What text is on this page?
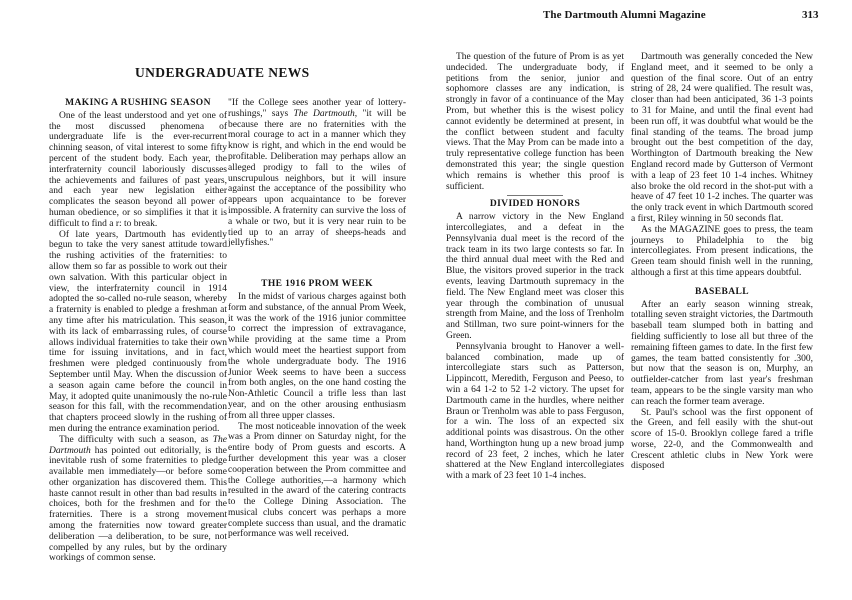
The Dartmouth Alumni Magazine	313
UNDERGRADUATE NEWS
MAKING A RUSHING SEASON

One of the least understood and yet one of the most discussed phenomena of undergraduate life is the ever-recurrent chinning season, of vital interest to some fifty percent of the student body. Each year, the interfraternity council laboriously discusses the achievements and failures of past years, and each year new legislation either complicates the season beyond all power of human obedience, or so simplifies it that it is difficult to find a r: to break.

Of late years, Dartmouth has evidently begun to take the very sanest attitude toward the rushing activities of the fraternities: to allow them so far as possible to work out their own salvation. With this particular object in view, the interfraternity council in 1914 adopted the so-called no-rule season, whereby a fraternity is enabled to pledge a freshman at any time after his matriculation. This season, with its lack of embarrassing rules, of course allows individual fraternities to take their own time for issuing invitations, and in fact, freshmen were pledged continuously from September until May. When the discussion of a season again came before the council in May, it adopted quite unanimously the no-rule season for this fall, with the recommendation that chapters proceed slowly in the rushing of men during the entrance examination period.

The difficulty with such a season, as The Dartmouth has pointed out editorially, is the inevitable rush of some fraternities to pledge available men immediately—or before some other organization has discovered them. This haste cannot result in other than bad results in choices, both for the freshmen and for the fraternities. There is a strong movement among the fraternities now toward greater deliberation —a deliberation, to be sure, not compelled by any rules, but by the ordinary workings of common sense.

"If the College sees another year of lottery-rushings," says The Dartmouth, "it will be because there are no fraternities with the moral courage to act in a manner which they know is right, and which in the end would be profitable. Deliberation may perhaps allow an alleged prodigy to fall to the wiles of unscrupulous neighbors, but it will insure against the acceptance of the possibility who appears upon acquaintance to be forever impossible. A fraternity can survive the loss of a whale or two, but it is very near ruin to be tied up to an array of sheeps-heads and jellyfishes."

THE 1916 PROM WEEK

In the midst of various charges against both form and substance, of the annual Prom Week, it was the work of the 1916 junior committee to correct the impression of extravagance, while providing at the same time a Prom which would meet the heartiest support from the whole undergraduate body. The 1916 Junior Week seems to have been a success from both angles, on the one hand costing the Non-Athletic Council a trifle less than last year, and on the other arousing enthusiasm from all three upper classes.

The most noticeable innovation of the week was a Prom dinner on Saturday night, for the entire body of Prom guests and escorts. A further development this year was a closer cooperation between the Prom committee and the College authorities,—a harmony which resulted in the award of the catering contracts to the College Dining Association. The musical clubs concert was perhaps a more complete success than usual, and the dramatic performance was well received.

The question of the future of Prom is as yet undecided. The undergraduate body, if petitions from the senior, junior and sophomore classes are any indication, is strongly in favor of a continuance of the May Prom, but whether this is the wisest policy cannot evidently be determined at present, in the conflict between student and faculty views. That the May Prom can be made into a truly representative college function has been demonstrated this year; the single question which remains is whether this proof is sufficient.

DIVIDED HONORS

A narrow victory in the New England intercollegiates, and a defeat in the Pennsylvania dual meet is the record of the track team in its two large contests so far. In the third annual dual meet with the Red and Blue, the visitors proved superior in the track events, leaving Dartmouth supremacy in the field. The New England meet was closer this year through the combination of unusual strength from Maine, and the loss of Trenholm and Stillman, two sure point-winners for the Green.

Pennsylvania brought to Hanover a well-balanced combination, made up of intercollegiate stars such as Patterson, Lippincott, Meredith, Ferguson and Peeso, to win a 64 1-2 to 52 1-2 victory. The upset for Dartmouth came in the hurdles, where neither Braun or Trenholm was able to pass Ferguson, for a win. The loss of an expected six additional points was disastrous. On the other hand, Worthington hung up a new broad jump record of 23 feet, 2 inches, which he later shattered at the New England intercollegiates with a mark of 23 feet 10 1-4 inches.

Dartmouth was generally conceded the New England meet, and it seemed to be only a question of the final score. Out of an entry string of 28, 24 were qualified. The result was, closer than had been anticipated, 36 1-3 points to 31 for Maine, and until the final event had been run off, it was doubtful what would be the final standing of the teams. The broad jump brought out the best competition of the day, Worthington of Dartmouth breaking the New England record made by Gutterson of Vermont with a leap of 23 feet 10 1-4 inches. Whitney also broke the old record in the shot-put with a heave of 47 feet 10 1-2 inches. The quarter was the only track event in which Dartmouth scored a first, Riley winning in 50 seconds flat.

As the MAGAZINE goes to press, the team journeys to Philadelphia to the big intercollegiates. From present indications, the Green team should finish well in the running, although a first at this time appears doubtful.

BASEBALL

After an early season winning streak, totalling seven straight victories, the Dartmouth baseball team slumped both in batting and fielding sufficiently to lose all but three of the remaining fifteen games to date. In the first few games, the team batted consistently for .300, but now that the season is on, Murphy, an outfielder-catcher from last year's freshman team, appears to be the single varsity man who can reach the former team average.

St. Paul's school was the first opponent of the Green, and fell easily with the shut-out score of 15-0. Brooklyn college fared a trifle worse, 22-0, and the Commonwealth and Crescent athletic clubs in New York were disposed
